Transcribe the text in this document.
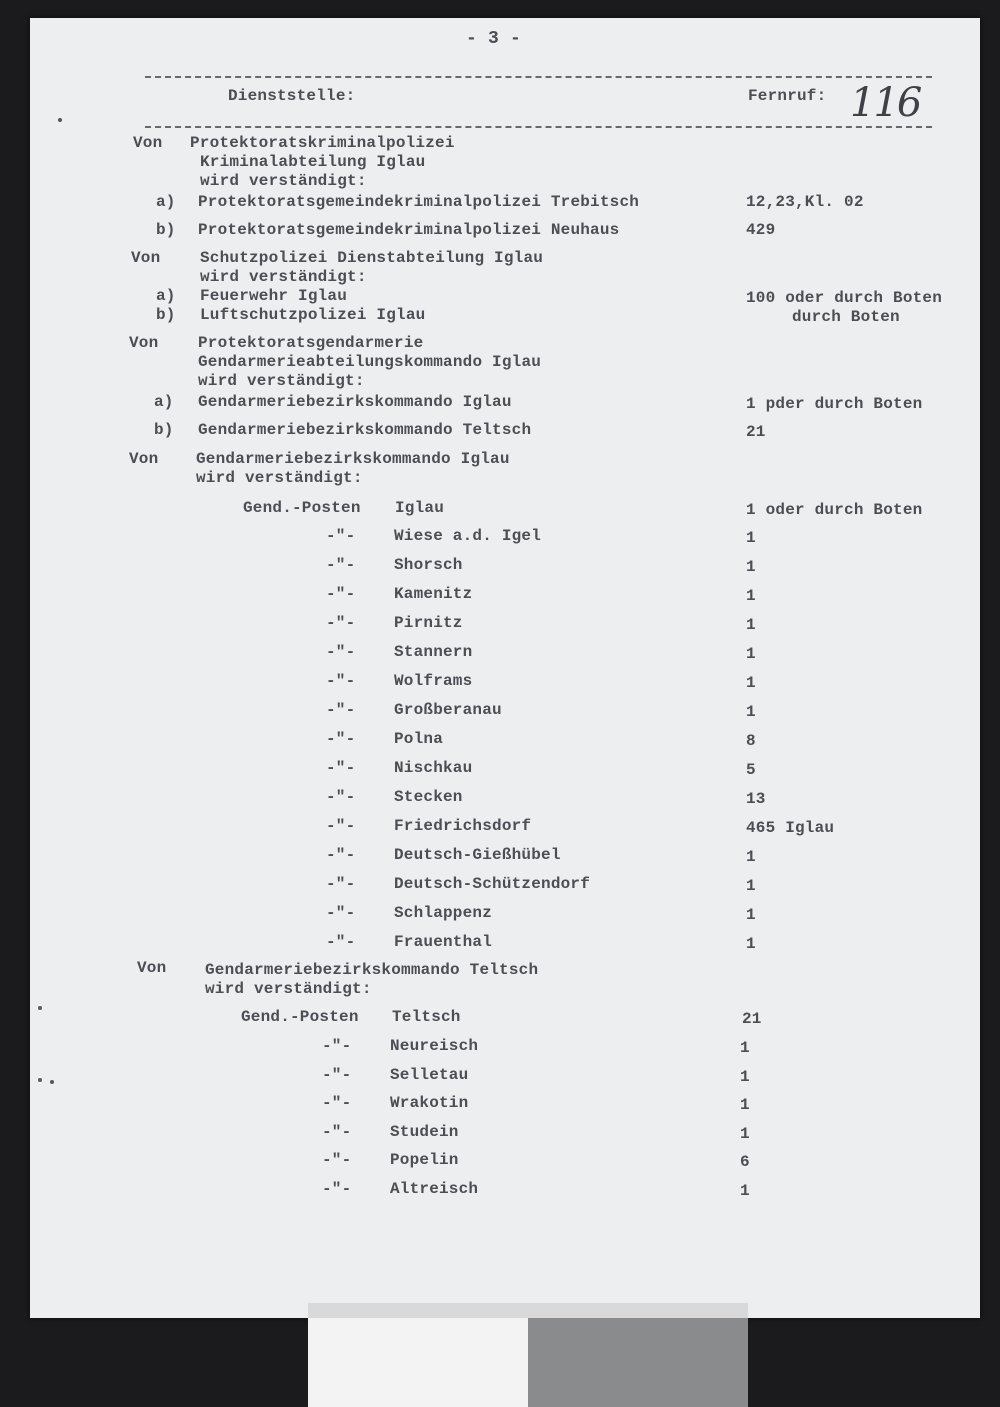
- 3 -
Dienststelle:	Fernruf: 116
Von Protektoratskriminalpolizei
Kriminalabteilung Iglau
wird verständigt:
a) Protektoratsgemeindekriminalpolizei Trebitsch	12,23,Kl. 02
b) Protektoratsgemeindekriminalpolizei Neuhaus	429
Von Schutzpolizei Dienstabteilung Iglau
wird verständigt:
a) Feuerwehr Iglau	100 oder durch Boten
b) Luftschutzpolizei Iglau	durch Boten
Von Protektoratsgendarmerie
Gendarmerieabteilungskommando Iglau
wird verständigt:
a) Gendarmeriebezirkskommando Iglau	1 pder durch Boten
b) Gendarmeriebezirkskommando Teltsch	21
Von Gendarmeriebezirkskommando Iglau
wird verständigt:
Gend.-Posten Iglau	1 oder durch Boten
-"- Wiese a.d. Igel	1
-"- Shorsch	1
-"- Kamenitz	1
-"- Pirnitz	1
-"- Stannern	1
-"- Wolframs	1
-"- Großberanau	1
-"- Polna	8
-"- Nischkau	5
-"- Stecken	13
-"- Friedrichsdorf	465 Iglau
-"- Deutsch-Gießhübel	1
-"- Deutsch-Schützendorf	1
-"- Schlappenz	1
-"- Frauenthal	1
Von Gendarmeriebezirkskommando Teltsch
wird verständigt:
Gend.-Posten Teltsch	21
-"- Neureisch	1
-"- Selletau	1
-"- Wrakotin	1
-"- Studein	1
-"- Popelin	6
-"- Altreisch	1
